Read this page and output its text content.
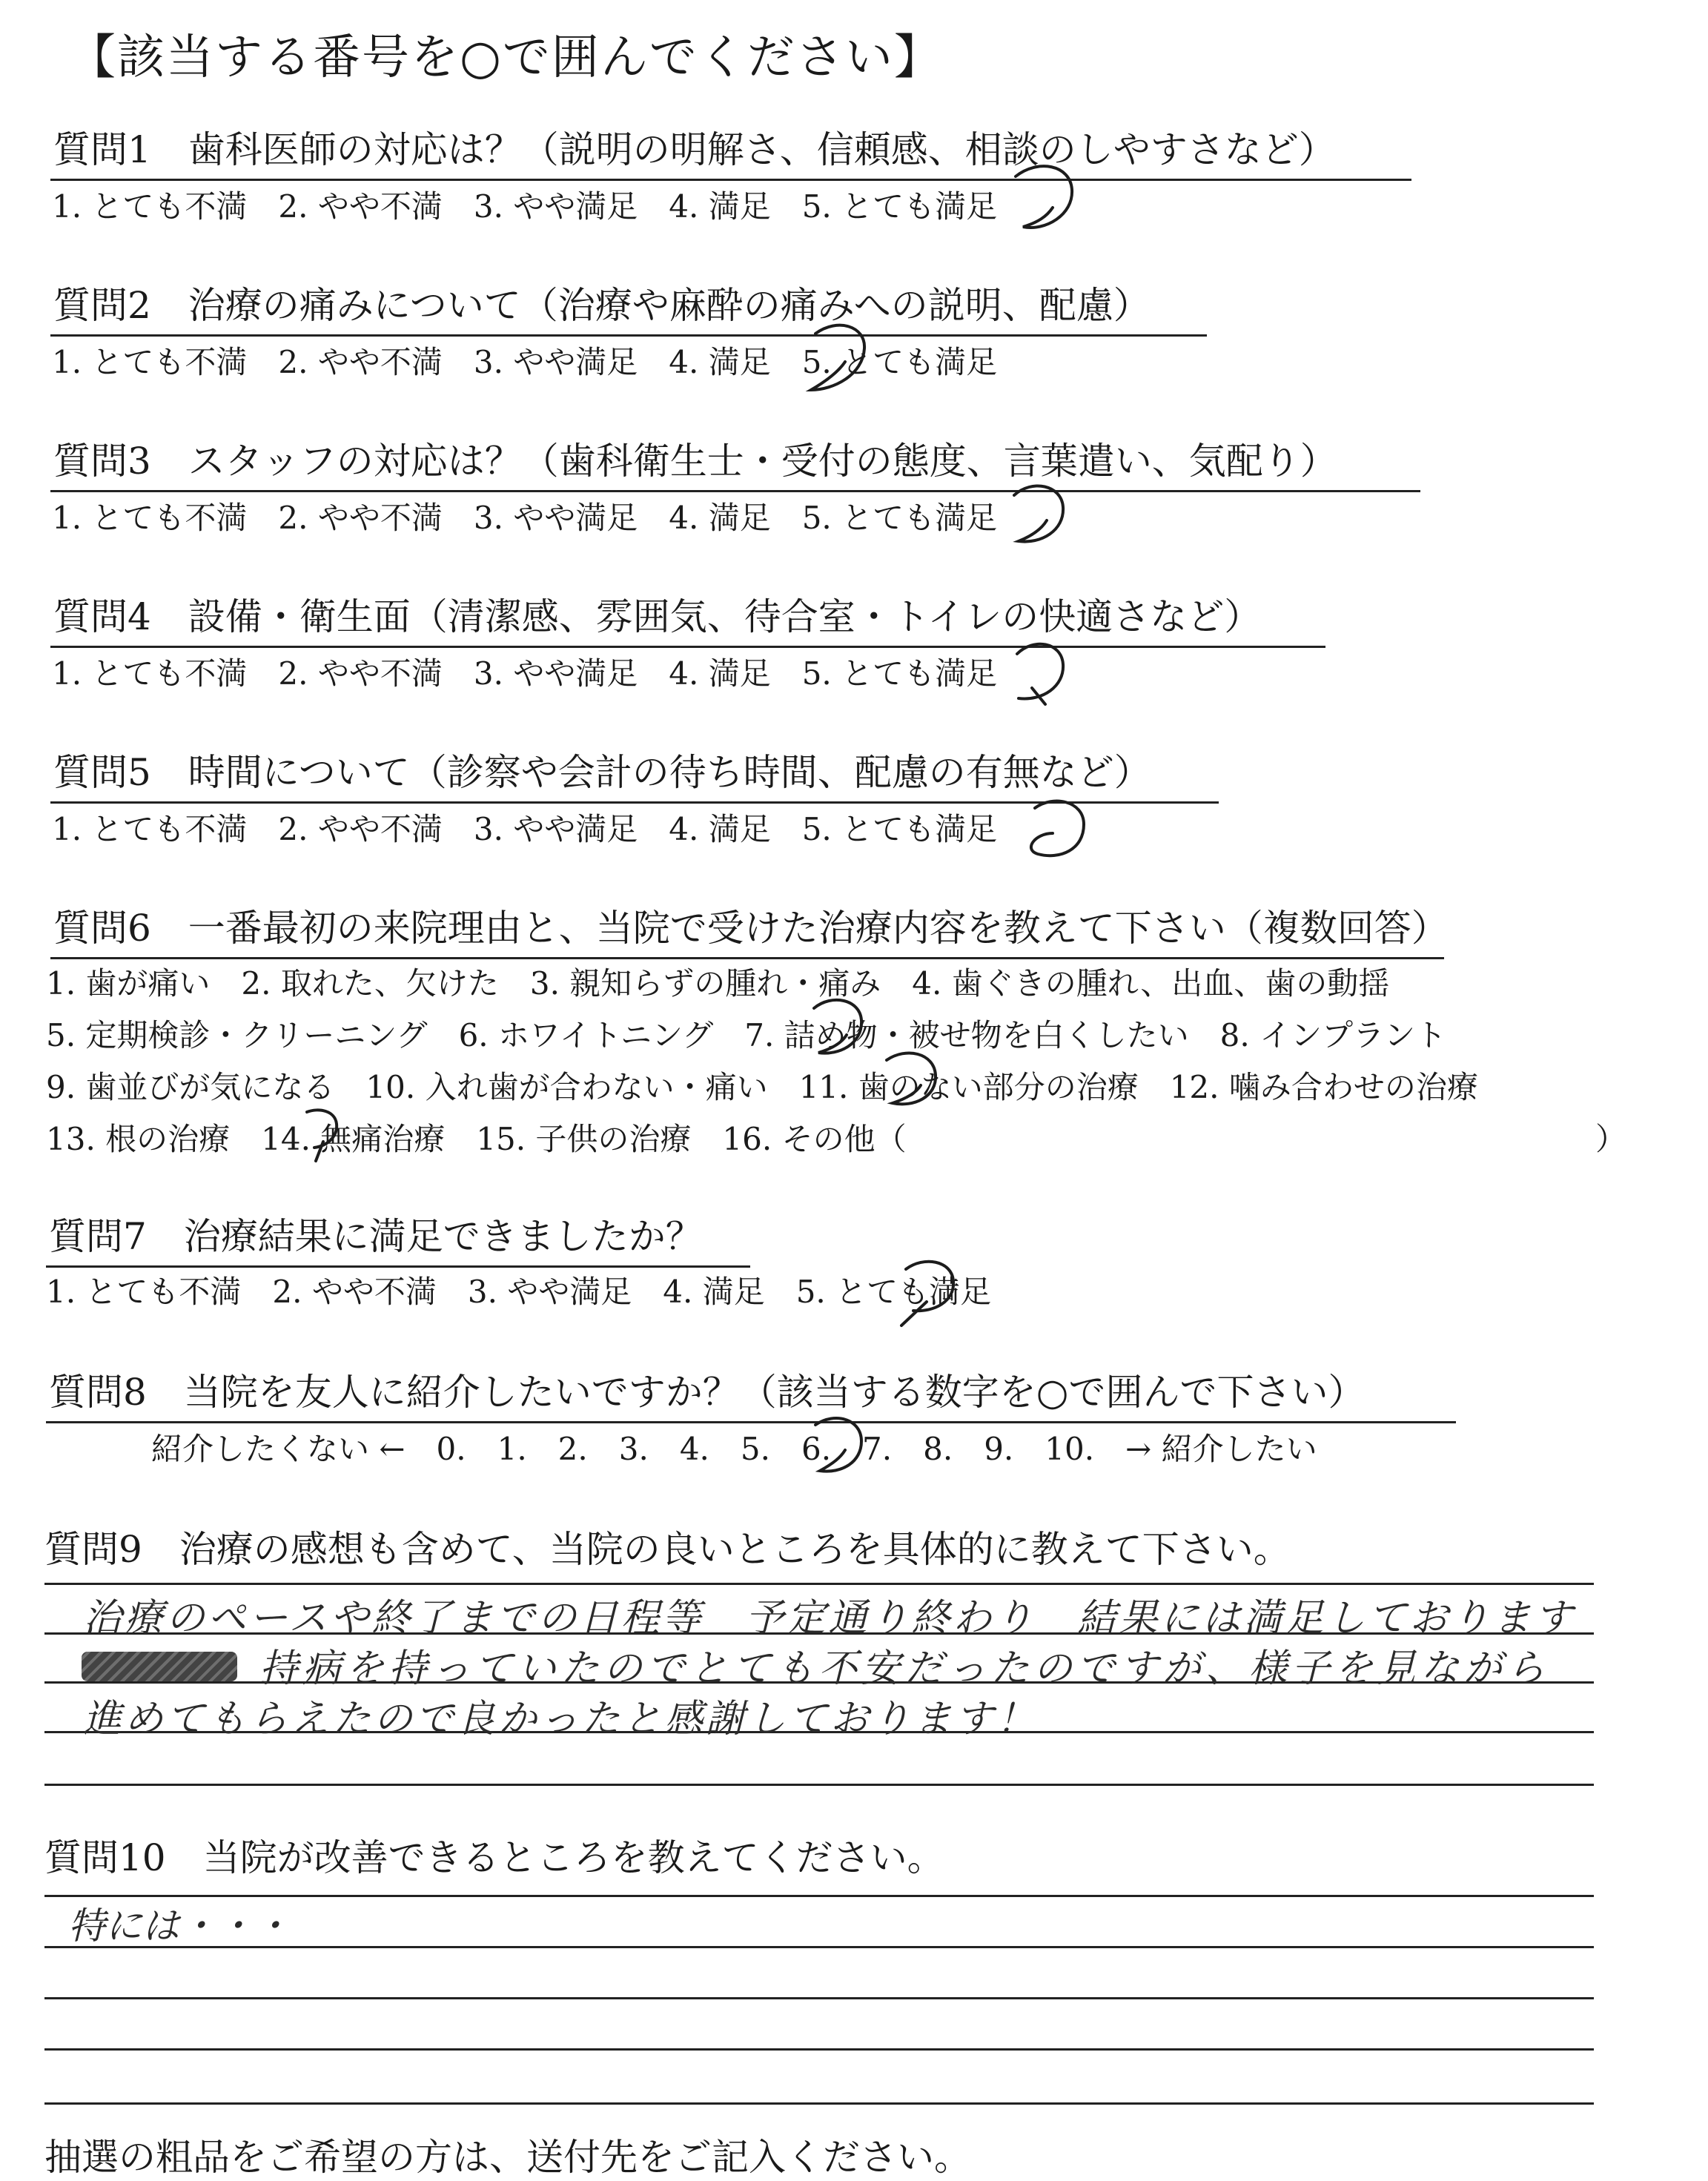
【該当する番号を○で囲んでください】
質問1　歯科医師の対応は？（説明の明解さ、信頼感、相談のしやすさなど）
1. とても不満　2. やや不満　3. やや満足　4. 満足　5. とても満足
質問2　治療の痛みについて（治療や麻酔の痛みへの説明、配慮）
1. とても不満　2. やや不満　3. やや満足　4. 満足　5. とても満足
質問3　スタッフの対応は？（歯科衛生士・受付の態度、言葉遣い、気配り）
1. とても不満　2. やや不満　3. やや満足　4. 満足　5. とても満足
質問4　設備・衛生面（清潔感、雰囲気、待合室・トイレの快適さなど）
1. とても不満　2. やや不満　3. やや満足　4. 満足　5. とても満足
質問5　時間について（診察や会計の待ち時間、配慮の有無など）
1. とても不満　2. やや不満　3. やや満足　4. 満足　5. とても満足
質問6　一番最初の来院理由と、当院で受けた治療内容を教えて下さい（複数回答）
1. 歯が痛い　2. 取れた、欠けた　3. 親知らずの腫れ・痛み　4. 歯ぐきの腫れ、出血、歯の動揺
5. 定期検診・クリーニング　6. ホワイトニング　7. 詰め物・被せ物を白くしたい　8. インプラント
9. 歯並びが気になる　10. 入れ歯が合わない・痛い　11. 歯のない部分の治療　12. 噛み合わせの治療
13. 根の治療　14. 無痛治療　15. 子供の治療　16. その他（	）
質問7　治療結果に満足できましたか？
1. とても不満　2. やや不満　3. やや満足　4. 満足　5. とても満足
質問8　当院を友人に紹介したいですか？（該当する数字を○で囲んで下さい）
紹介したくない ←　0.　1.　2.　3.　4.　5.　6.　7.　8.　9.　10.　→ 紹介したい
質問9　治療の感想も含めて、当院の良いところを具体的に教えて下さい。
治療のペースや終了までの日程等　予定通り終わり　結果には満足しております
持病を持っていたのでとても不安だったのですが、様子を見ながら
進めてもらえたので良かったと感謝しております！
質問10　当院が改善できるところを教えてください。
特には・・・
抽選の粗品をご希望の方は、送付先をご記入ください。
